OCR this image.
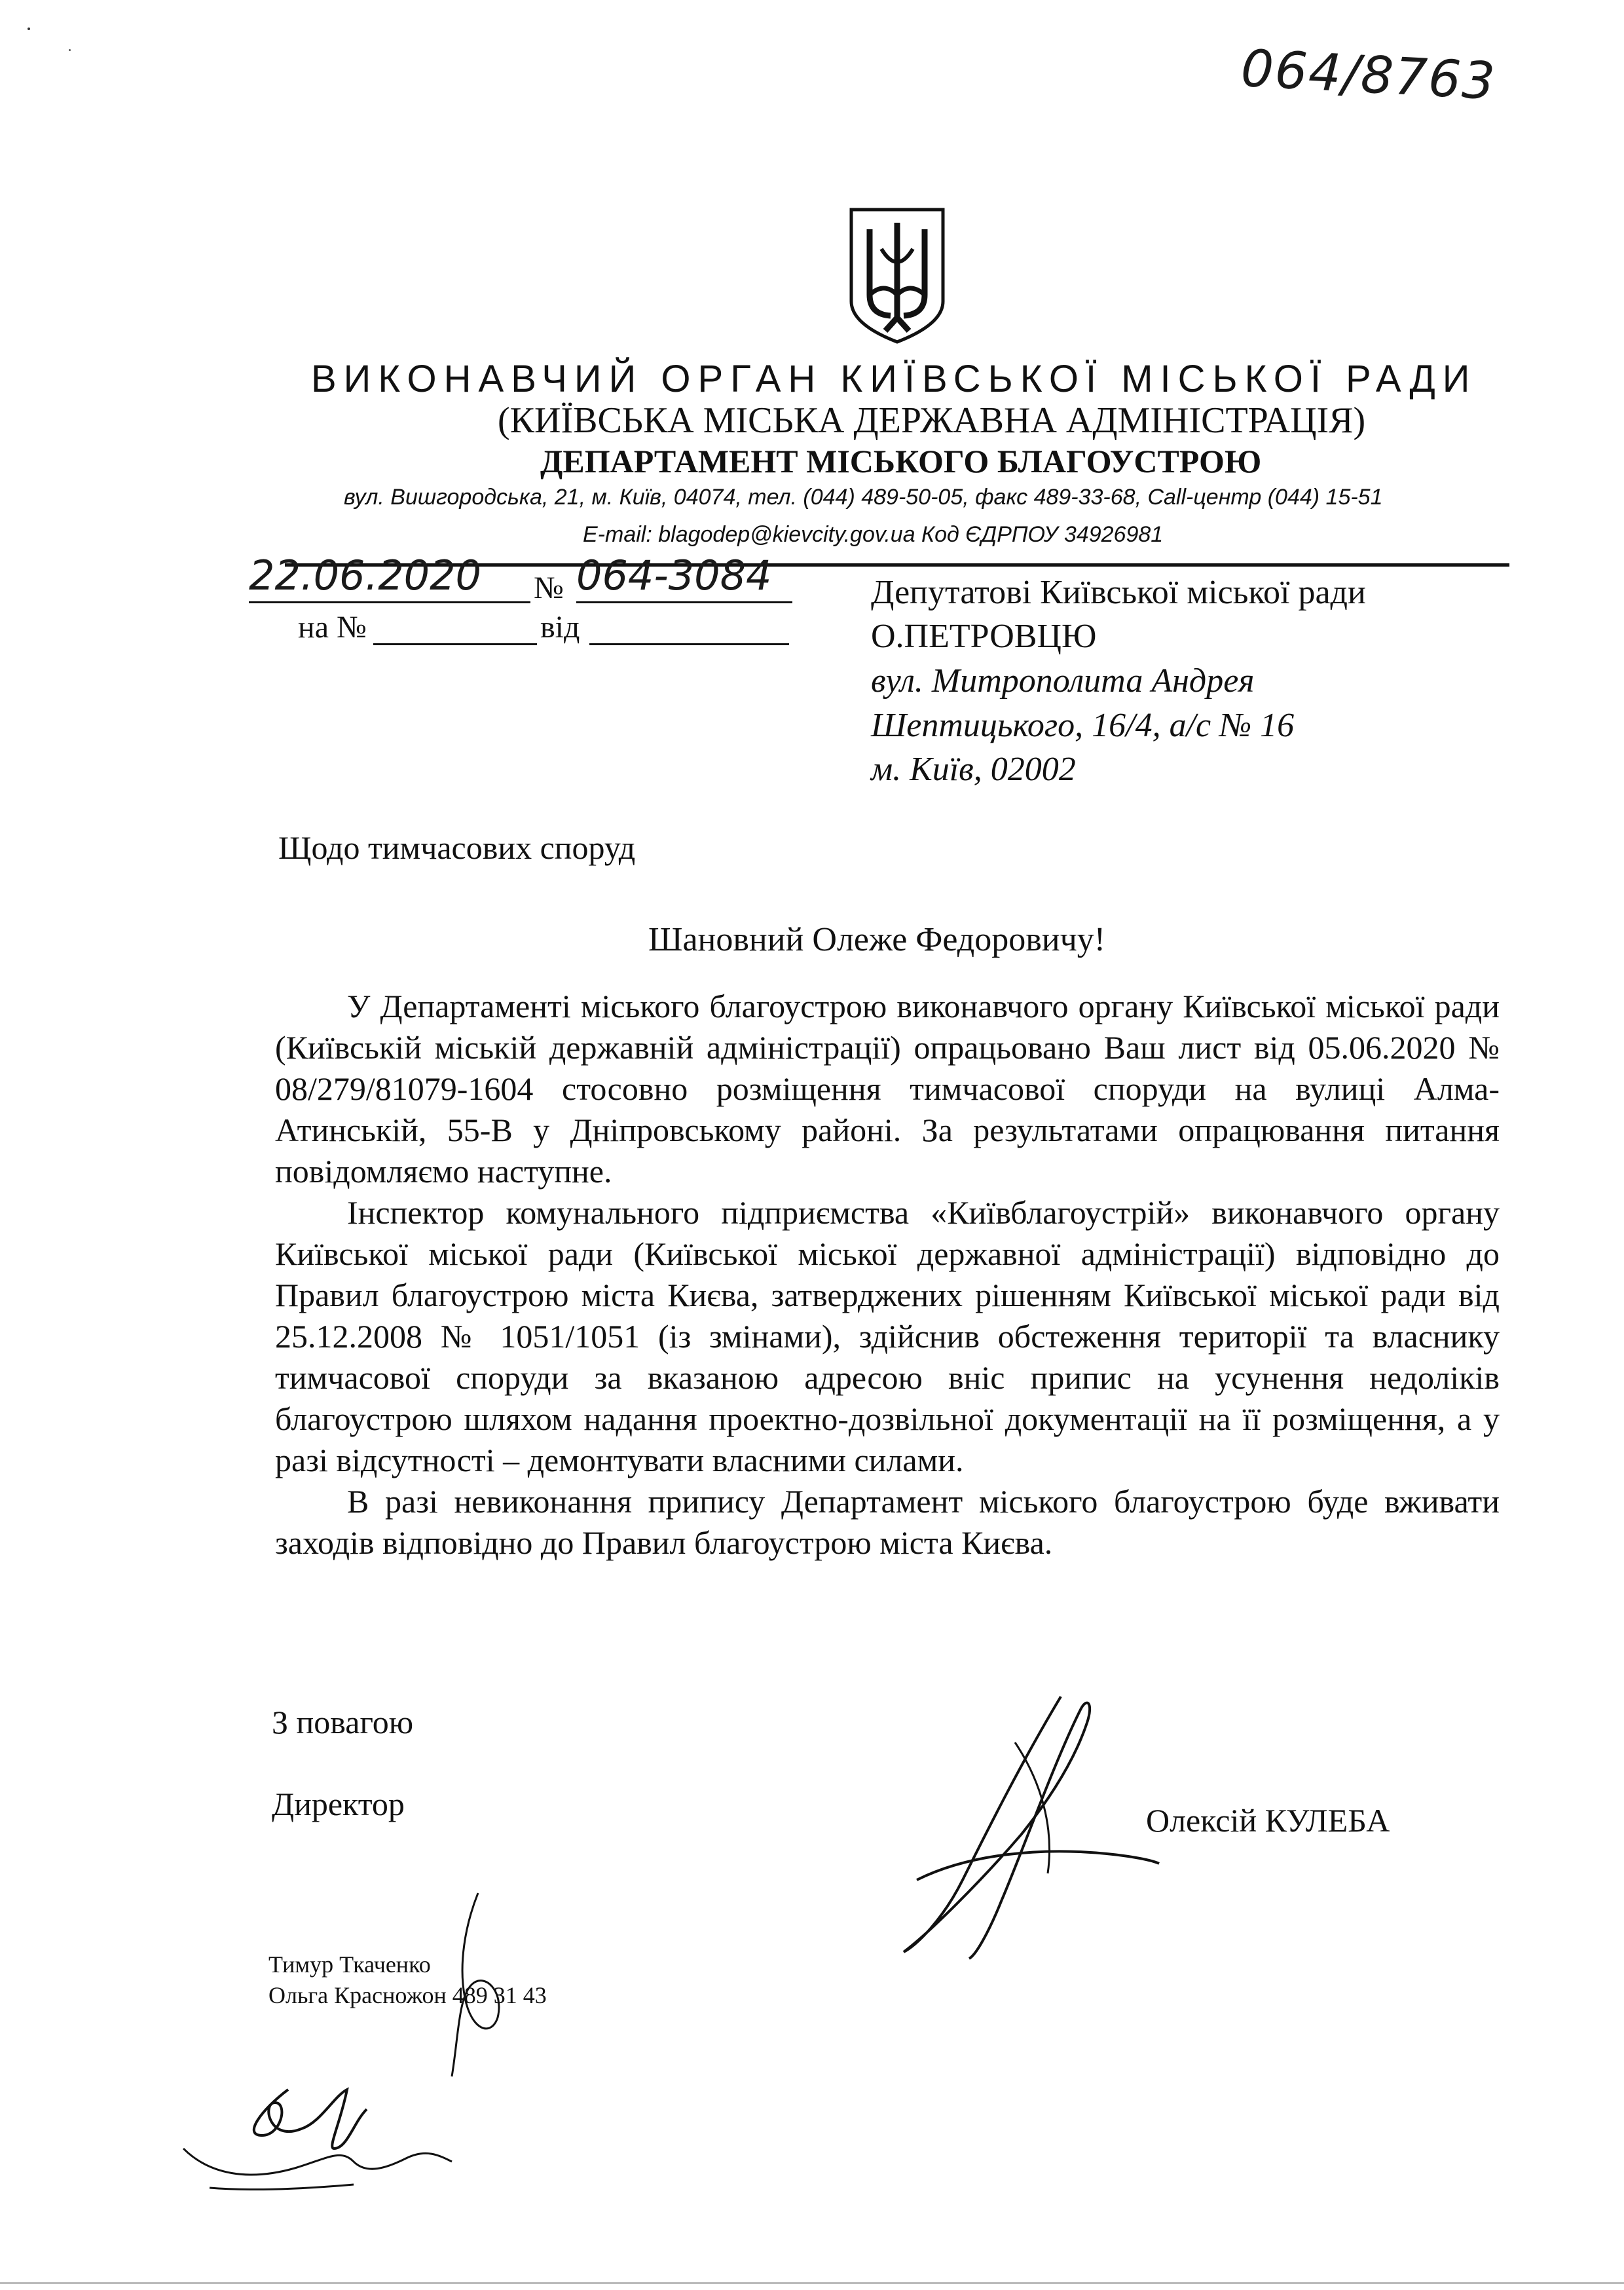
064/8763
ВИКОНАВЧИЙ ОРГАН КИЇВСЬКОЇ МІСЬКОЇ РАДИ
(КИЇВСЬКА МІСЬКА ДЕРЖАВНА АДМІНІСТРАЦІЯ)
ДЕПАРТАМЕНТ МІСЬКОГО БЛАГОУСТРОЮ
вул. Вишгородська, 21, м. Київ, 04074, тел. (044) 489-50-05, факс 489-33-68, Call-центр (044) 15-51
E-mail: blagodep@kievcity.gov.ua Код ЄДРПОУ 34926981
22.06.2020 № 064-3084
на №	від
Депутатові Київської міської ради
О.ПЕТРОВЦЮ
вул. Митрополита Андрея
Шептицького, 16/4, а/с № 16
м. Київ, 02002
Щодо тимчасових споруд
Шановний Олеже Федоровичу!

У Департаменті міського благоустрою виконавчого органу Київської міської ради (Київській міській державній адміністрації) опрацьовано Ваш лист від 05.06.2020 № 08/279/81079-1604 стосовно розміщення тимчасової споруди на вулиці Алма-Атинській, 55-В у Дніпровському районі. За результатами опрацювання питання повідомляємо наступне.

Інспектор комунального підприємства «Київблагоустрій» виконавчого органу Київської міської ради (Київської міської державної адміністрації) відповідно до Правил благоустрою міста Києва, затверджених рішенням Київської міської ради від 25.12.2008 № 1051/1051 (із змінами), здійснив обстеження території та власнику тимчасової споруди за вказаною адресою вніс припис на усунення недоліків благоустрою шляхом надання проектно-дозвільної документації на її розміщення, а у разі відсутності – демонтувати власними силами.

В разі невиконання припису Департамент міського благоустрою буде вживати заходів відповідно до Правил благоустрою міста Києва.

З повагою
Директор	Олексій КУЛЕБА
Тимур Ткаченко
Ольга Красножон 489 31 43
